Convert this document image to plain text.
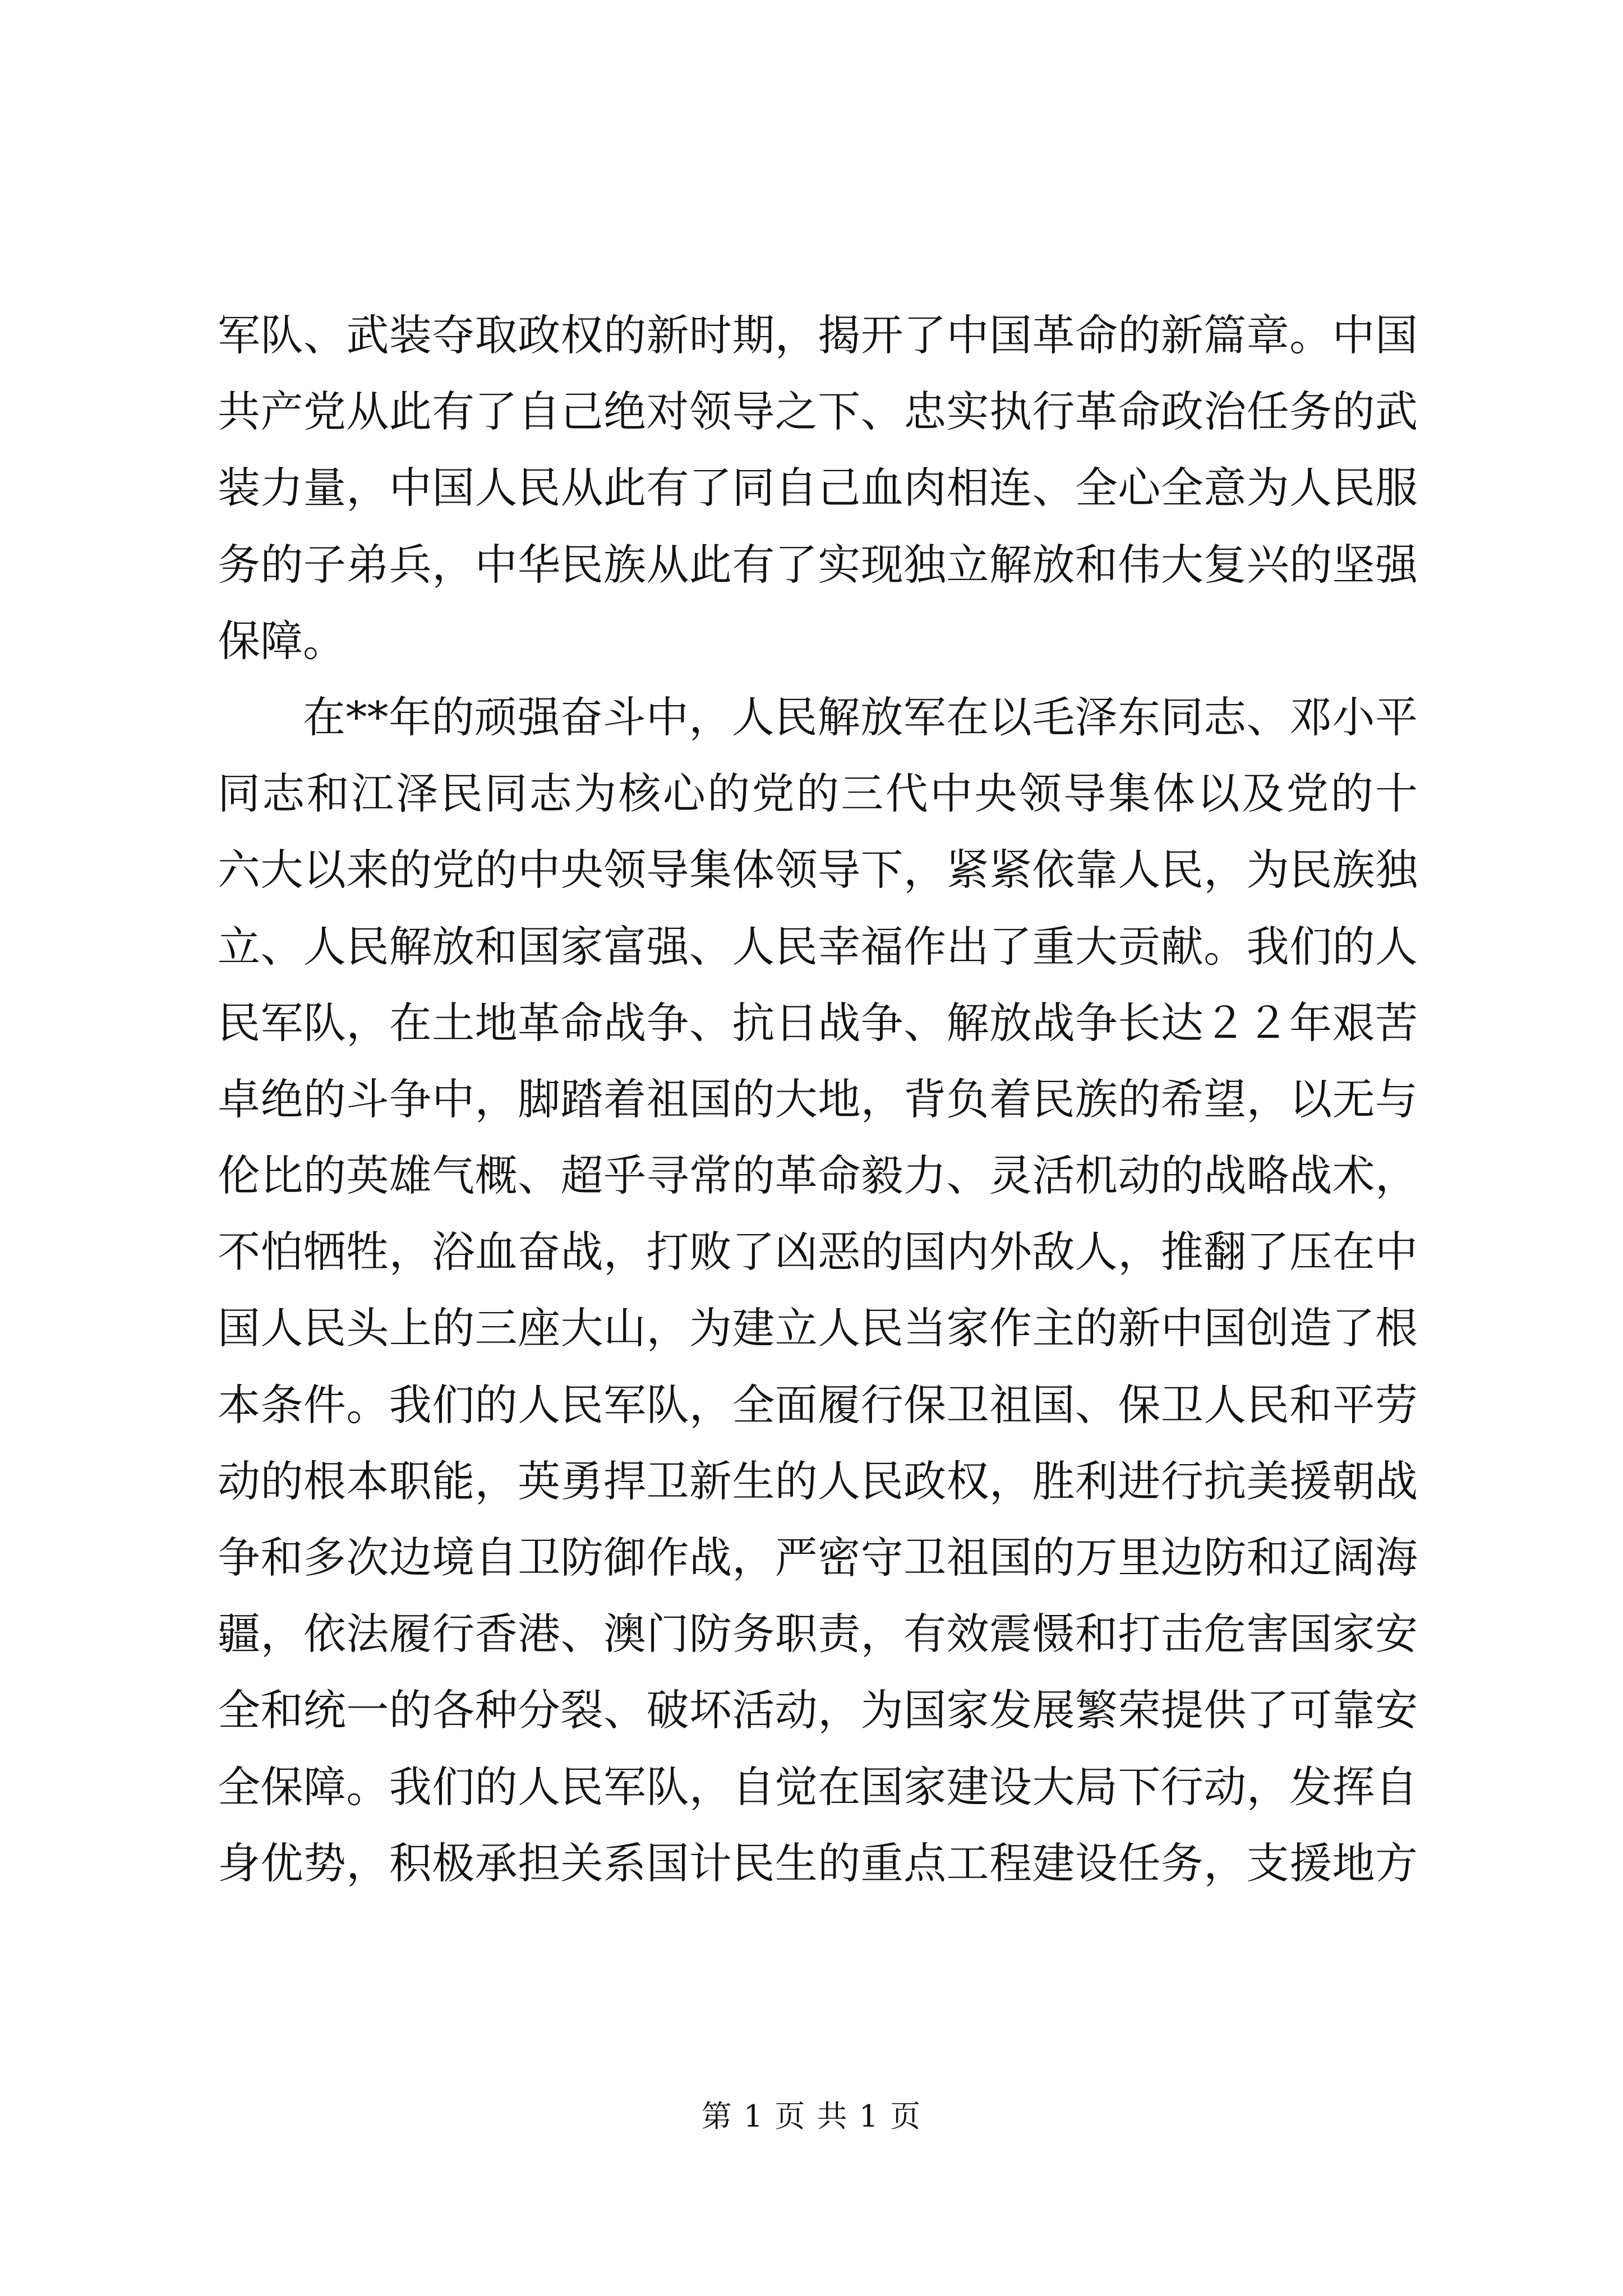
军队、武装夺取政权的新时期，揭开了中国革命的新篇章。中国
共产党从此有了自己绝对领导之下、忠实执行革命政治任务的武
装力量，中国人民从此有了同自己血肉相连、全心全意为人民服
务的子弟兵，中华民族从此有了实现独立解放和伟大复兴的坚强
保障。
在**年的顽强奋斗中，人民解放军在以毛泽东同志、邓小平
同志和江泽民同志为核心的党的三代中央领导集体以及党的十
六大以来的党的中央领导集体领导下，紧紧依靠人民，为民族独
立、人民解放和国家富强、人民幸福作出了重大贡献。我们的人
民军队，在土地革命战争、抗日战争、解放战争长达２２年艰苦
卓绝的斗争中，脚踏着祖国的大地，背负着民族的希望，以无与
伦比的英雄气概、超乎寻常的革命毅力、灵活机动的战略战术，
不怕牺牲，浴血奋战，打败了凶恶的国内外敌人，推翻了压在中
国人民头上的三座大山，为建立人民当家作主的新中国创造了根
本条件。我们的人民军队，全面履行保卫祖国、保卫人民和平劳
动的根本职能，英勇捍卫新生的人民政权，胜利进行抗美援朝战
争和多次边境自卫防御作战，严密守卫祖国的万里边防和辽阔海
疆，依法履行香港、澳门防务职责，有效震慑和打击危害国家安
全和统一的各种分裂、破坏活动，为国家发展繁荣提供了可靠安
全保障。我们的人民军队，自觉在国家建设大局下行动，发挥自
身优势，积极承担关系国计民生的重点工程建设任务，支援地方
第 1 页 共 1 页
